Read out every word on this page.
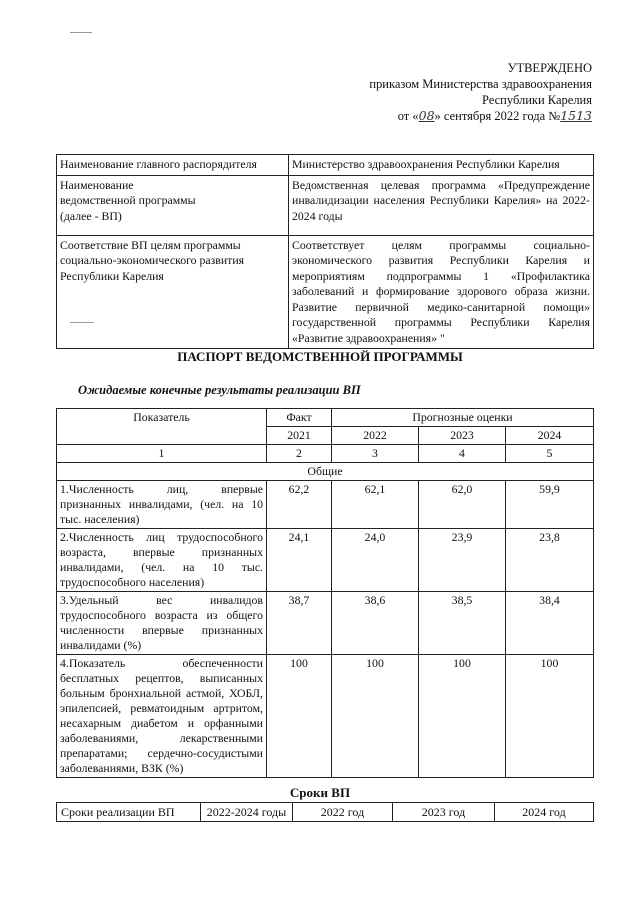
УТВЕРЖДЕНО
приказом Министерства здравоохранения
Республики Карелия
от «08» сентября 2022 года №1513
Наименование главного распорядителя	Министерство здравоохранения Республики Карелия
Наименование
ведомственной программы
(далее - ВП)	Ведомственная целевая программа «Предупреждение инвалидизации населения Республики Карелия» на 2022- 2024 годы
Соответствие ВП целям программы социально-экономического развития Республики Карелия	Соответствует целям программы социально-экономического развития Республики Карелия и мероприятиям подпрограммы 1 «Профилактика заболеваний и формирование здорового образа жизни. Развитие первичной медико-санитарной помощи» государственной программы Республики Карелия «Развитие здравоохранения» "
ПАСПОРТ ВЕДОМСТВЕННОЙ ПРОГРАММЫ
Ожидаемые конечные результаты реализации ВП
Показатель	Факт	Прогнозные оценки		
	2021	2022	2023	2024
1	2	3	4	5
Общие				
1.Численность лиц, впервые признанных инвалидами, (чел. на 10 тыс. населения)	62,2	62,1	62,0	59,9
2.Численность лиц трудоспособного возраста, впервые признанных инвалидами, (чел. на 10 тыс. трудоспособного населения)	24,1	24,0	23,9	23,8
3.Удельный вес инвалидов трудоспособного возраста из общего численности впервые признанных инвалидами (%)	38,7	38,6	38,5	38,4
4.Показатель обеспеченности бесплатных рецептов, выписанных больным бронхиальной астмой, ХОБЛ, эпилепсией, ревматоидным артритом, несахарным диабетом и орфанными заболеваниями, лекарственными препаратами; сердечно-сосудистыми заболеваниями, ВЗК (%)	100	100	100	100
Сроки ВП
Сроки реализации ВП	2022-2024 годы	2022 год	2023 год	2024 год
